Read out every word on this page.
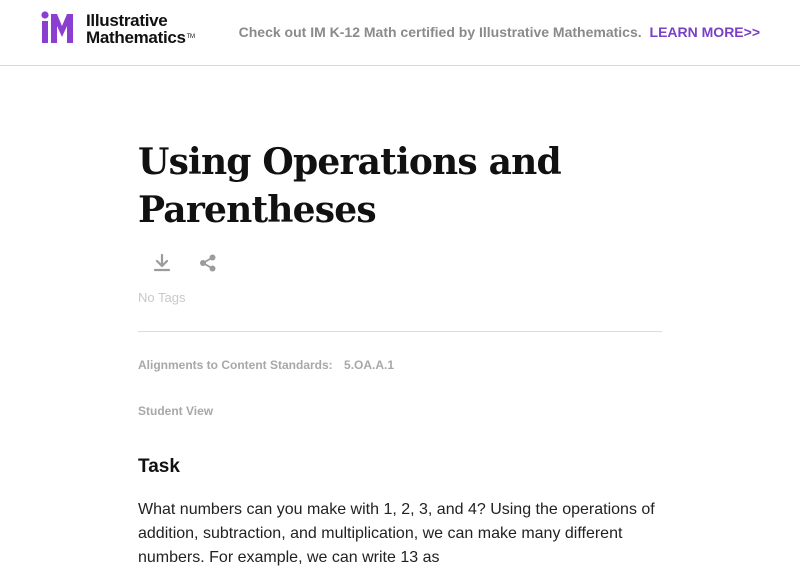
Illustrative
Mathematics™	Check out IM K-12 Math certified by Illustrative Mathematics. LEARN MORE>>
Using Operations and
Parentheses
No Tags
Alignments to Content Standards: 5.OA.A.1
Student View
Task

What numbers can you make with 1, 2, 3, and 4? Using the operations of addition, subtraction, and multiplication, we can make many different numbers. For example, we can write 13 as
